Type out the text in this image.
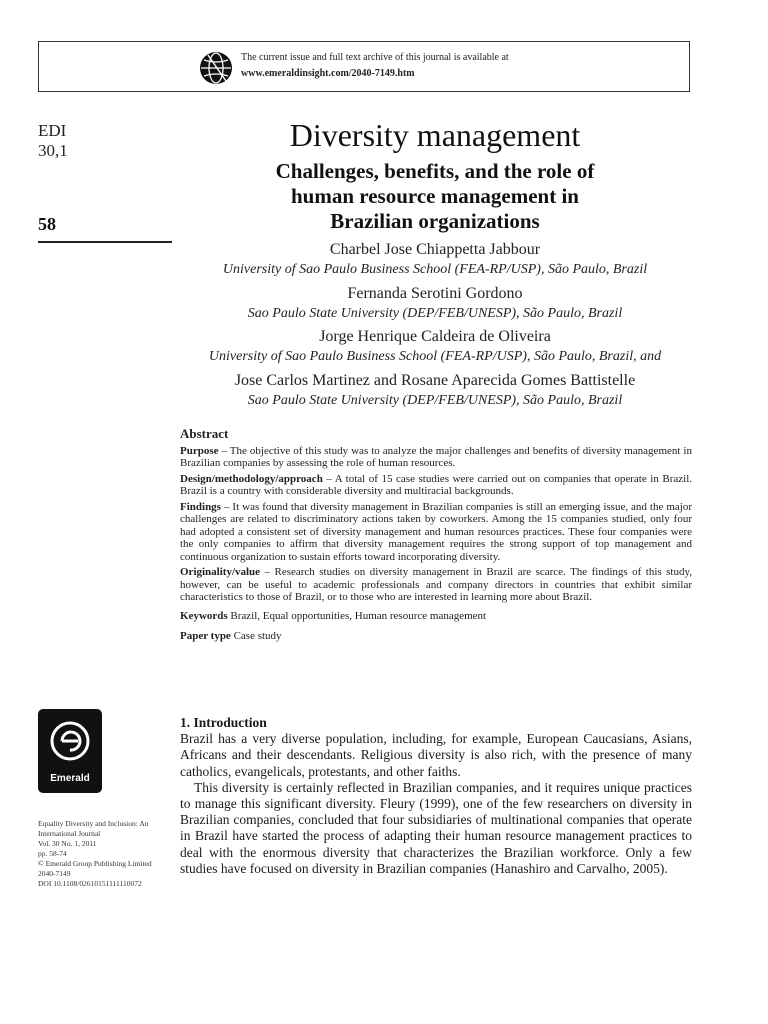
The current issue and full text archive of this journal is available at
www.emeraldinsight.com/2040-7149.htm
EDI
30,1
58
Diversity management
Challenges, benefits, and the role of
human resource management in
Brazilian organizations
Charbel Jose Chiappetta Jabbour
University of Sao Paulo Business School (FEA-RP/USP), São Paulo, Brazil
Fernanda Serotini Gordono
Sao Paulo State University (DEP/FEB/UNESP), São Paulo, Brazil
Jorge Henrique Caldeira de Oliveira
University of Sao Paulo Business School (FEA-RP/USP), São Paulo, Brazil, and
Jose Carlos Martinez and Rosane Aparecida Gomes Battistelle
Sao Paulo State University (DEP/FEB/UNESP), São Paulo, Brazil
Abstract

Purpose – The objective of this study was to analyze the major challenges and benefits of diversity management in Brazilian companies by assessing the role of human resources.

Design/methodology/approach – A total of 15 case studies were carried out on companies that operate in Brazil. Brazil is a country with considerable diversity and multiracial backgrounds.

Findings – It was found that diversity management in Brazilian companies is still an emerging issue, and the major challenges are related to discriminatory actions taken by coworkers. Among the 15 companies studied, only four had adopted a consistent set of diversity management and human resources practices. These four companies were the only companies to affirm that diversity management requires the strong support of top management and continuous organization to sustain efforts toward incorporating diversity.

Originality/value – Research studies on diversity management in Brazil are scarce. The findings of this study, however, can be useful to academic professionals and company directors in countries that exhibit similar characteristics to those of Brazil, or to those who are interested in learning more about Brazil.

Keywords Brazil, Equal opportunities, Human resource management

Paper type Case study

Emerald
Equality Diversity and Inclusion: An
International Journal
Vol. 30 No. 1, 2011
pp. 58-74
© Emerald Group Publishing Limited
2040-7149
DOI 10.1108/02610151111110072
1. Introduction

Brazil has a very diverse population, including, for example, European Caucasians, Asians, Africans and their descendants. Religious diversity is also rich, with the presence of many catholics, evangelicals, protestants, and other faiths.

This diversity is certainly reflected in Brazilian companies, and it requires unique practices to manage this significant diversity. Fleury (1999), one of the few researchers on diversity in Brazilian companies, concluded that four subsidiaries of multinational companies that operate in Brazil have started the process of adapting their human resource management practices to deal with the enormous diversity that characterizes the Brazilian workforce. Only a few studies have focused on diversity in Brazilian companies (Hanashiro and Carvalho, 2005).
